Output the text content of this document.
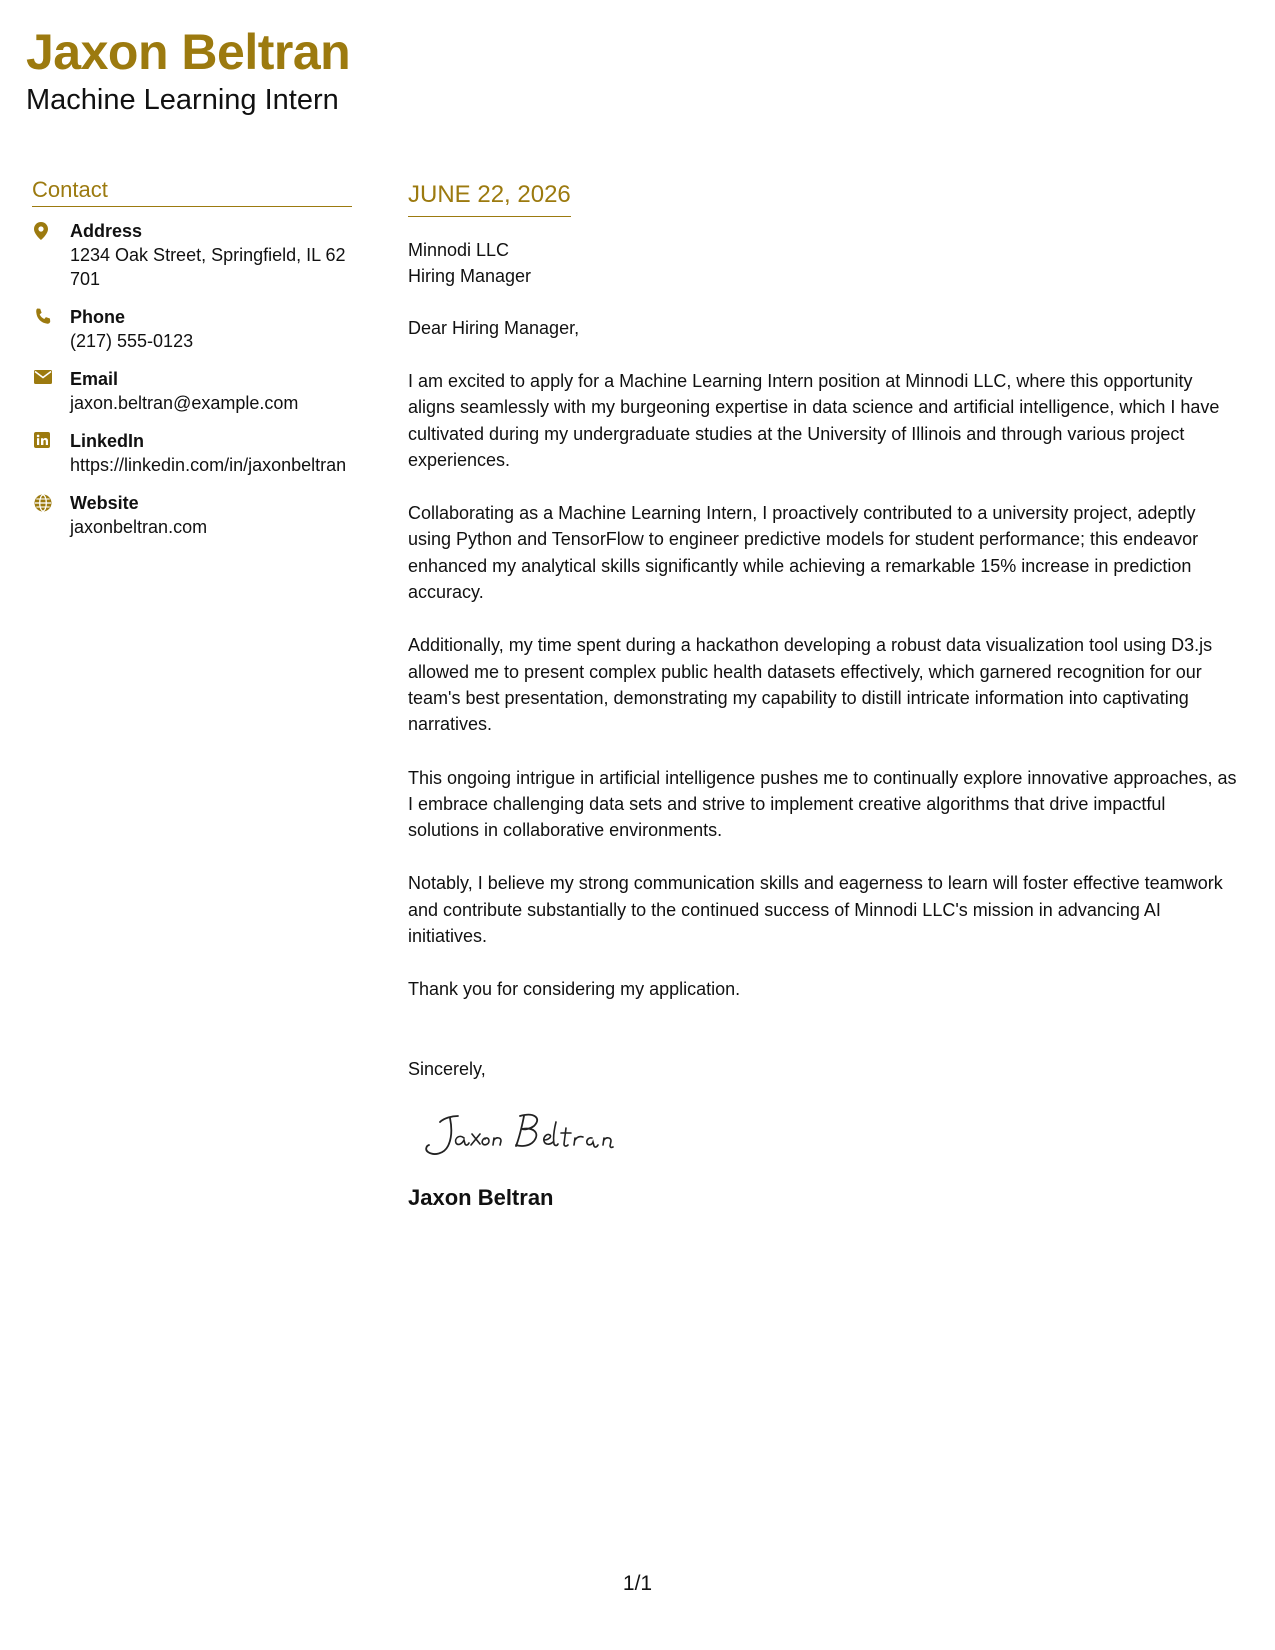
Jaxon Beltran
Machine Learning Intern
Contact
Address
1234 Oak Street, Springfield, IL 62701
Phone
(217) 555-0123
Email
jaxon.beltran@example.com
LinkedIn
https://linkedin.com/in/jaxonbeltran
Website
jaxonbeltran.com
JUNE 22, 2026
Minnodi LLC
Hiring Manager
Dear Hiring Manager,
I am excited to apply for a Machine Learning Intern position at Minnodi LLC, where this opportunity aligns seamlessly with my burgeoning expertise in data science and artificial intelligence, which I have cultivated during my undergraduate studies at the University of Illinois and through various project experiences.
Collaborating as a Machine Learning Intern, I proactively contributed to a university project, adeptly using Python and TensorFlow to engineer predictive models for student performance; this endeavor enhanced my analytical skills significantly while achieving a remarkable 15% increase in prediction accuracy.
Additionally, my time spent during a hackathon developing a robust data visualization tool using D3.js allowed me to present complex public health datasets effectively, which garnered recognition for our team's best presentation, demonstrating my capability to distill intricate information into captivating narratives.
This ongoing intrigue in artificial intelligence pushes me to continually explore innovative approaches, as I embrace challenging data sets and strive to implement creative algorithms that drive impactful solutions in collaborative environments.
Notably, I believe my strong communication skills and eagerness to learn will foster effective teamwork and contribute substantially to the continued success of Minnodi LLC's mission in advancing AI initiatives.
Thank you for considering my application.
Sincerely,
Jaxon Beltran
1/1
